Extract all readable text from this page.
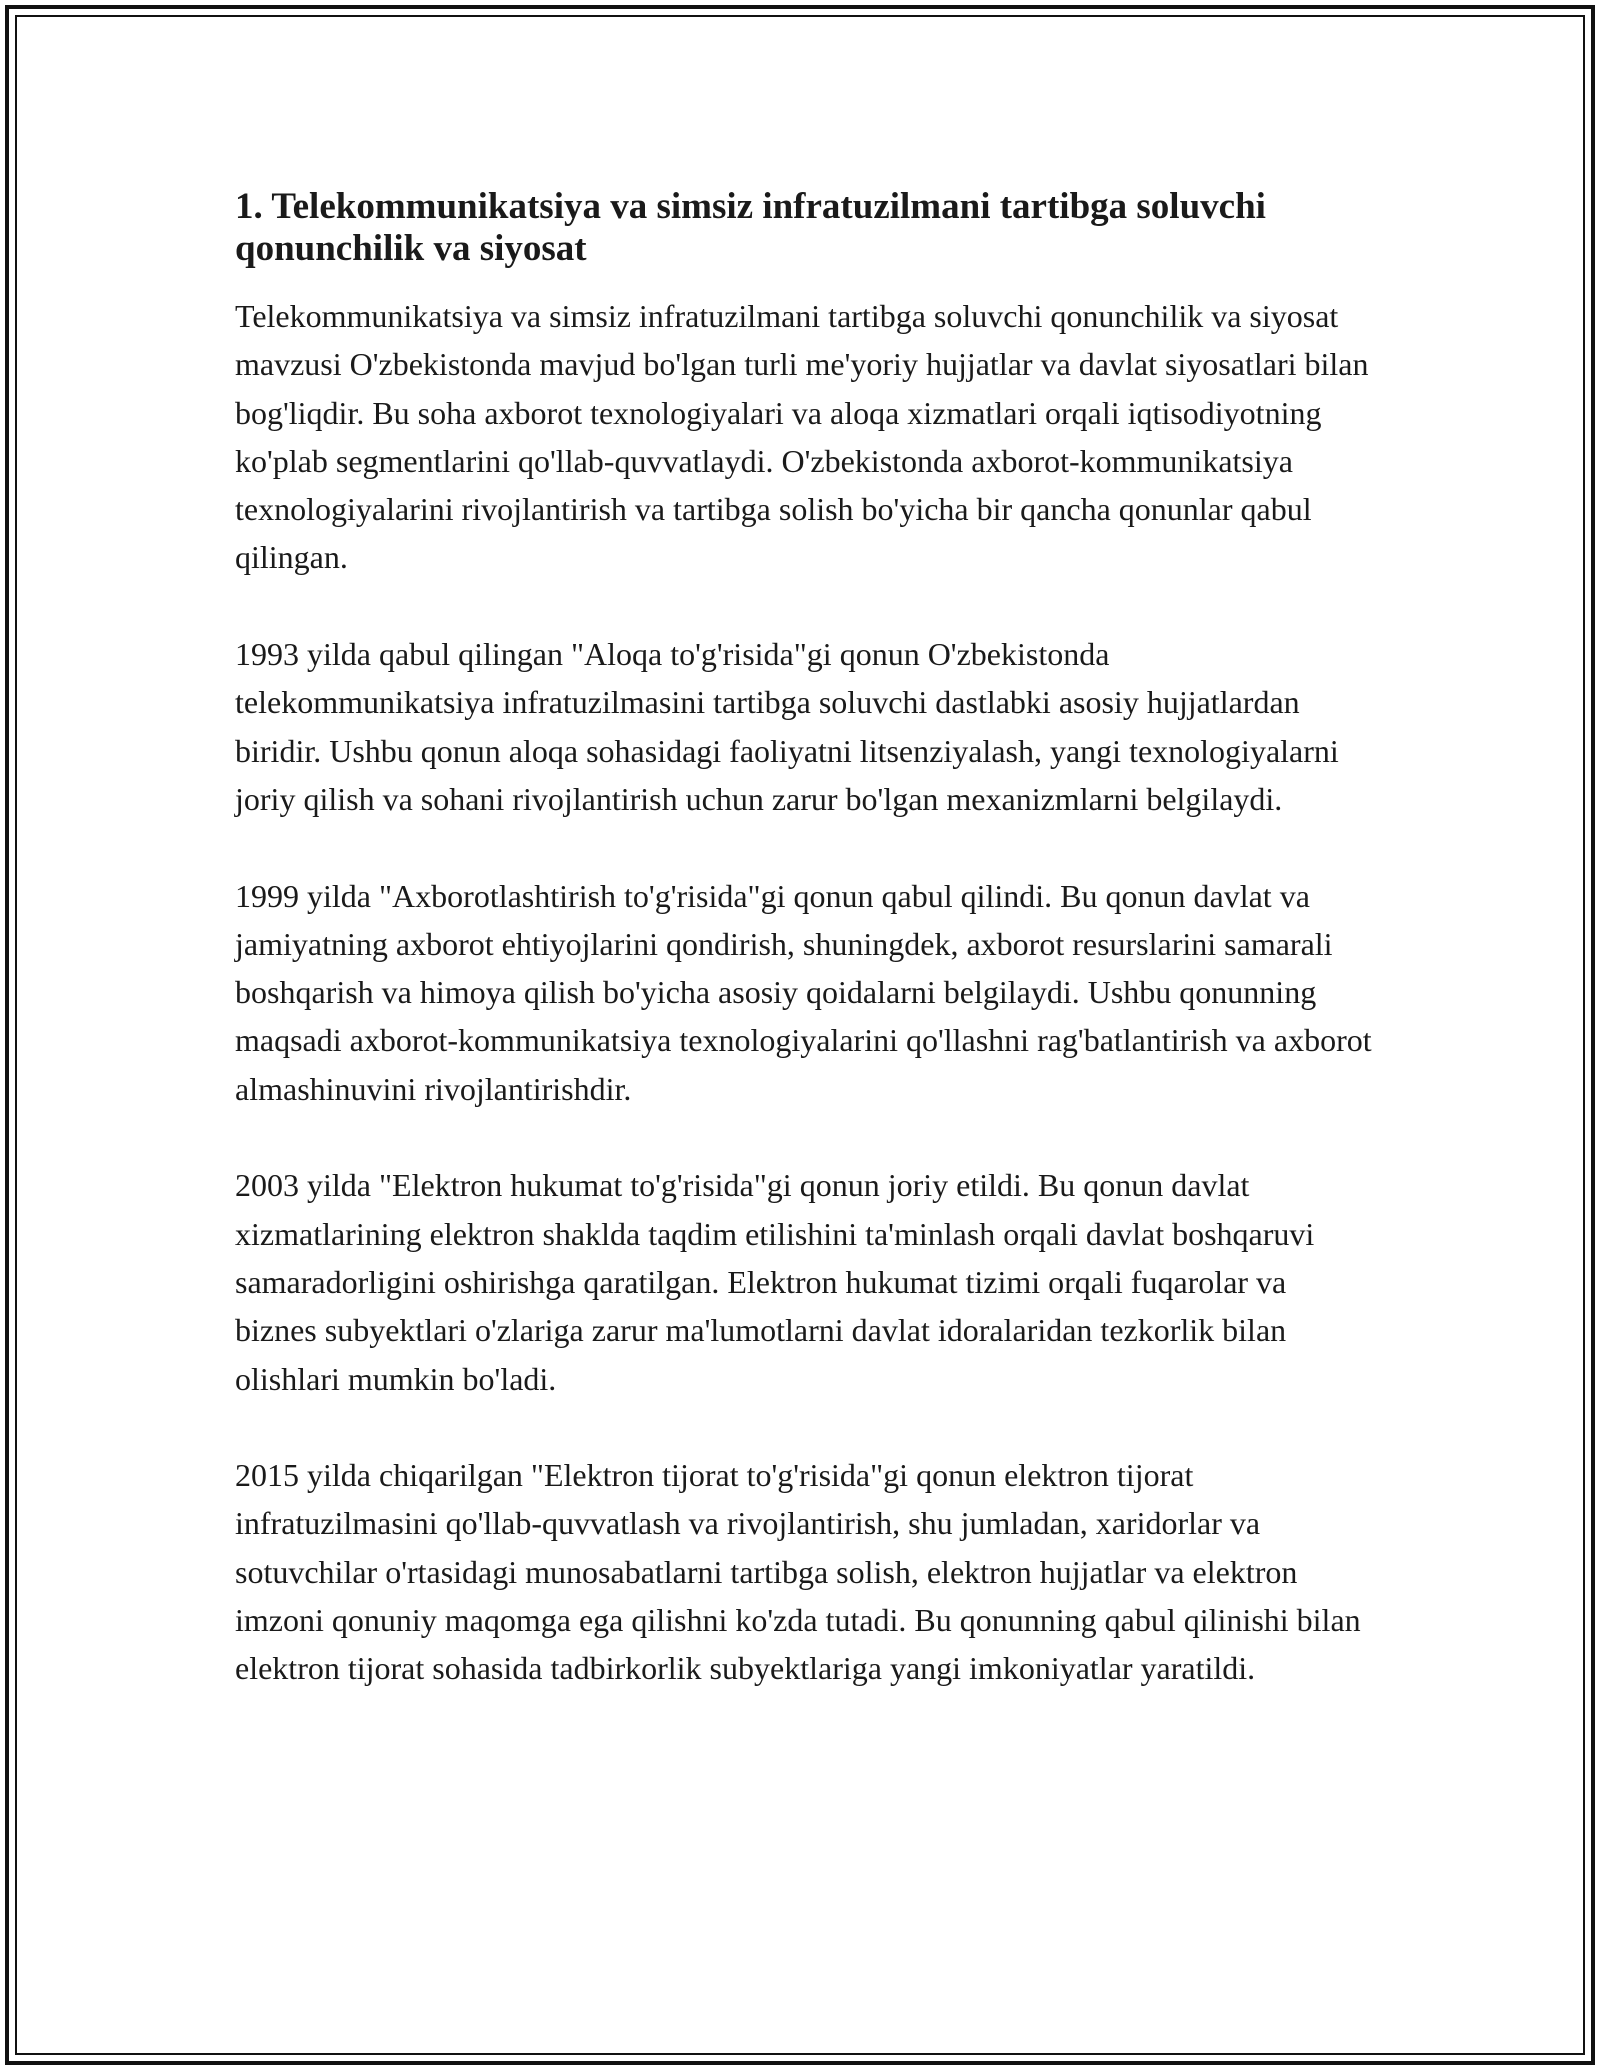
1. Telekommunikatsiya va simsiz infratuzilmani tartibga soluvchi qonunchilik va siyosat

Telekommunikatsiya va simsiz infratuzilmani tartibga soluvchi qonunchilik va siyosat mavzusi O'zbekistonda mavjud bo'lgan turli me'yoriy hujjatlar va davlat siyosatlari bilan bog'liqdir. Bu soha axborot texnologiyalari va aloqa xizmatlari orqali iqtisodiyotning ko'plab segmentlarini qo'llab-quvvatlaydi. O'zbekistonda axborot-kommunikatsiya texnologiyalarini rivojlantirish va tartibga solish bo'yicha bir qancha qonunlar qabul qilingan.

1993 yilda qabul qilingan "Aloqa to'g'risida"gi qonun O'zbekistonda telekommunikatsiya infratuzilmasini tartibga soluvchi dastlabki asosiy hujjatlardan biridir. Ushbu qonun aloqa sohasidagi faoliyatni litsenziyalash, yangi texnologiyalarni joriy qilish va sohani rivojlantirish uchun zarur bo'lgan mexanizmlarni belgilaydi.

1999 yilda "Axborotlashtirish to'g'risida"gi qonun qabul qilindi. Bu qonun davlat va jamiyatning axborot ehtiyojlarini qondirish, shuningdek, axborot resurslarini samarali boshqarish va himoya qilish bo'yicha asosiy qoidalarni belgilaydi. Ushbu qonunning maqsadi axborot-kommunikatsiya texnologiyalarini qo'llashni rag'batlantirish va axborot almashinuvini rivojlantirishdir.

2003 yilda "Elektron hukumat to'g'risida"gi qonun joriy etildi. Bu qonun davlat xizmatlarining elektron shaklda taqdim etilishini ta'minlash orqali davlat boshqaruvi samaradorligini oshirishga qaratilgan. Elektron hukumat tizimi orqali fuqarolar va biznes subyektlari o'zlariga zarur ma'lumotlarni davlat idoralaridan tezkorlik bilan olishlari mumkin bo'ladi.

2015 yilda chiqarilgan "Elektron tijorat to'g'risida"gi qonun elektron tijorat infratuzilmasini qo'llab-quvvatlash va rivojlantirish, shu jumladan, xaridorlar va sotuvchilar o'rtasidagi munosabatlarni tartibga solish, elektron hujjatlar va elektron imzoni qonuniy maqomga ega qilishni ko'zda tutadi. Bu qonunning qabul qilinishi bilan elektron tijorat sohasida tadbirkorlik subyektlariga yangi imkoniyatlar yaratildi.
